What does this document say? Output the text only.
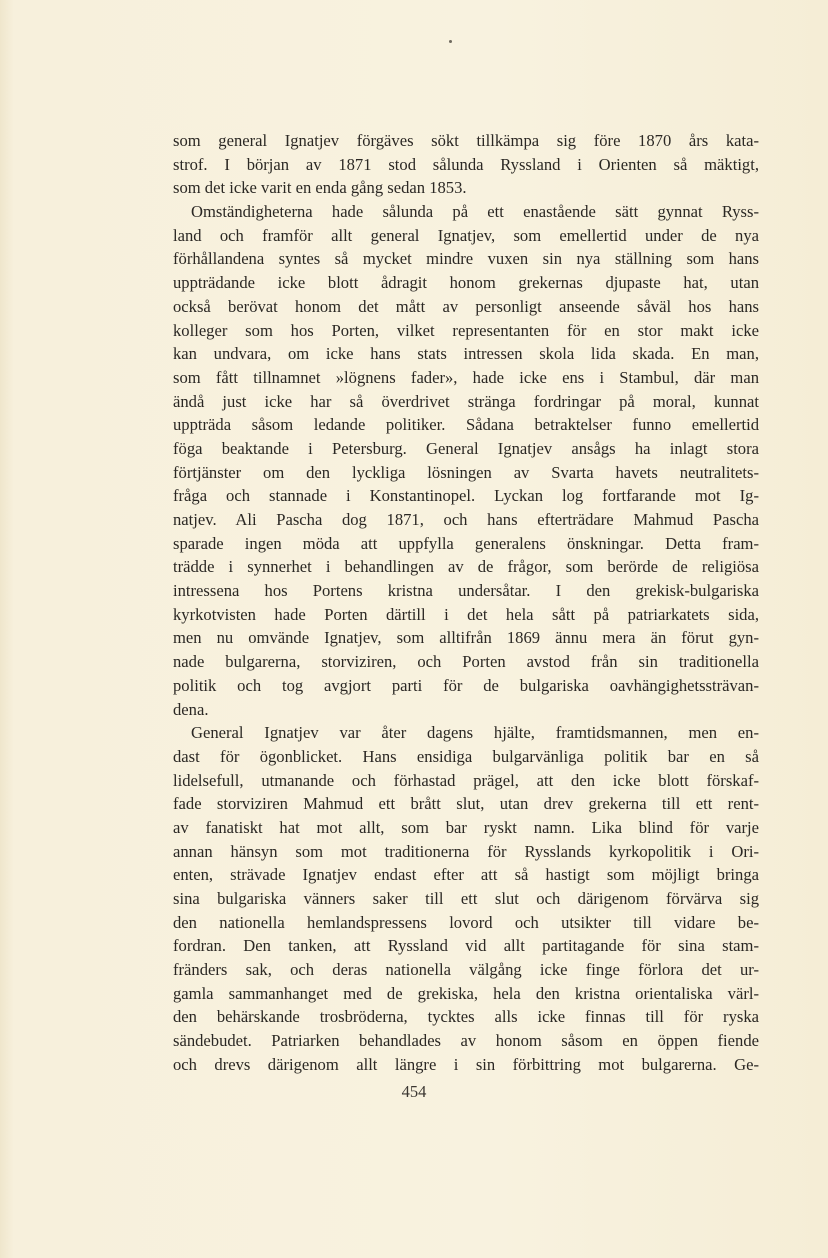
som general Ignatjev förgäves sökt tillkämpa sig före 1870 års kata-
strof. I början av 1871 stod sålunda Ryssland i Orienten så mäktigt,
som det icke varit en enda gång sedan 1853.
Omständigheterna hade sålunda på ett enastående sätt gynnat Ryss-
land och framför allt general Ignatjev, som emellertid under de nya
förhållandena syntes så mycket mindre vuxen sin nya ställning som hans
uppträdande icke blott ådragit honom grekernas djupaste hat, utan
också berövat honom det mått av personligt anseende såväl hos hans
kolleger som hos Porten, vilket representanten för en stor makt icke
kan undvara, om icke hans stats intressen skola lida skada. En man,
som fått tillnamnet »lögnens fader», hade icke ens i Stambul, där man
ändå just icke har så överdrivet stränga fordringar på moral, kunnat
uppträda såsom ledande politiker. Sådana betraktelser funno emellertid
föga beaktande i Petersburg. General Ignatjev ansågs ha inlagt stora
förtjänster om den lyckliga lösningen av Svarta havets neutralitets-
fråga och stannade i Konstantinopel. Lyckan log fortfarande mot Ig-
natjev. Ali Pascha dog 1871, och hans efterträdare Mahmud Pascha
sparade ingen möda att uppfylla generalens önskningar. Detta fram-
trädde i synnerhet i behandlingen av de frågor, som berörde de religiösa
intressena hos Portens kristna undersåtar. I den grekisk-bulgariska
kyrkotvisten hade Porten därtill i det hela sått på patriarkatets sida,
men nu omvände Ignatjev, som alltifrån 1869 ännu mera än förut gyn-
nade bulgarerna, storviziren, och Porten avstod från sin traditionella
politik och tog avgjort parti för de bulgariska oavhängighetssträvan-
dena.
General Ignatjev var åter dagens hjälte, framtidsmannen, men en-
dast för ögonblicket. Hans ensidiga bulgarvänliga politik bar en så
lidelsefull, utmanande och förhastad prägel, att den icke blott förskaf-
fade storviziren Mahmud ett brått slut, utan drev grekerna till ett rent-
av fanatiskt hat mot allt, som bar ryskt namn. Lika blind för varje
annan hänsyn som mot traditionerna för Rysslands kyrkopolitik i Ori-
enten, strävade Ignatjev endast efter att så hastigt som möjligt bringa
sina bulgariska vänners saker till ett slut och därigenom förvärva sig
den nationella hemlandspressens lovord och utsikter till vidare be-
fordran. Den tanken, att Ryssland vid allt partitagande för sina stam-
fränders sak, och deras nationella välgång icke finge förlora det ur-
gamla sammanhanget med de grekiska, hela den kristna orientaliska värl-
den behärskande trosbröderna, tycktes alls icke finnas till för ryska
sändebudet. Patriarken behandlades av honom såsom en öppen fiende
och drevs därigenom allt längre i sin förbittring mot bulgarerna. Ge-
454
